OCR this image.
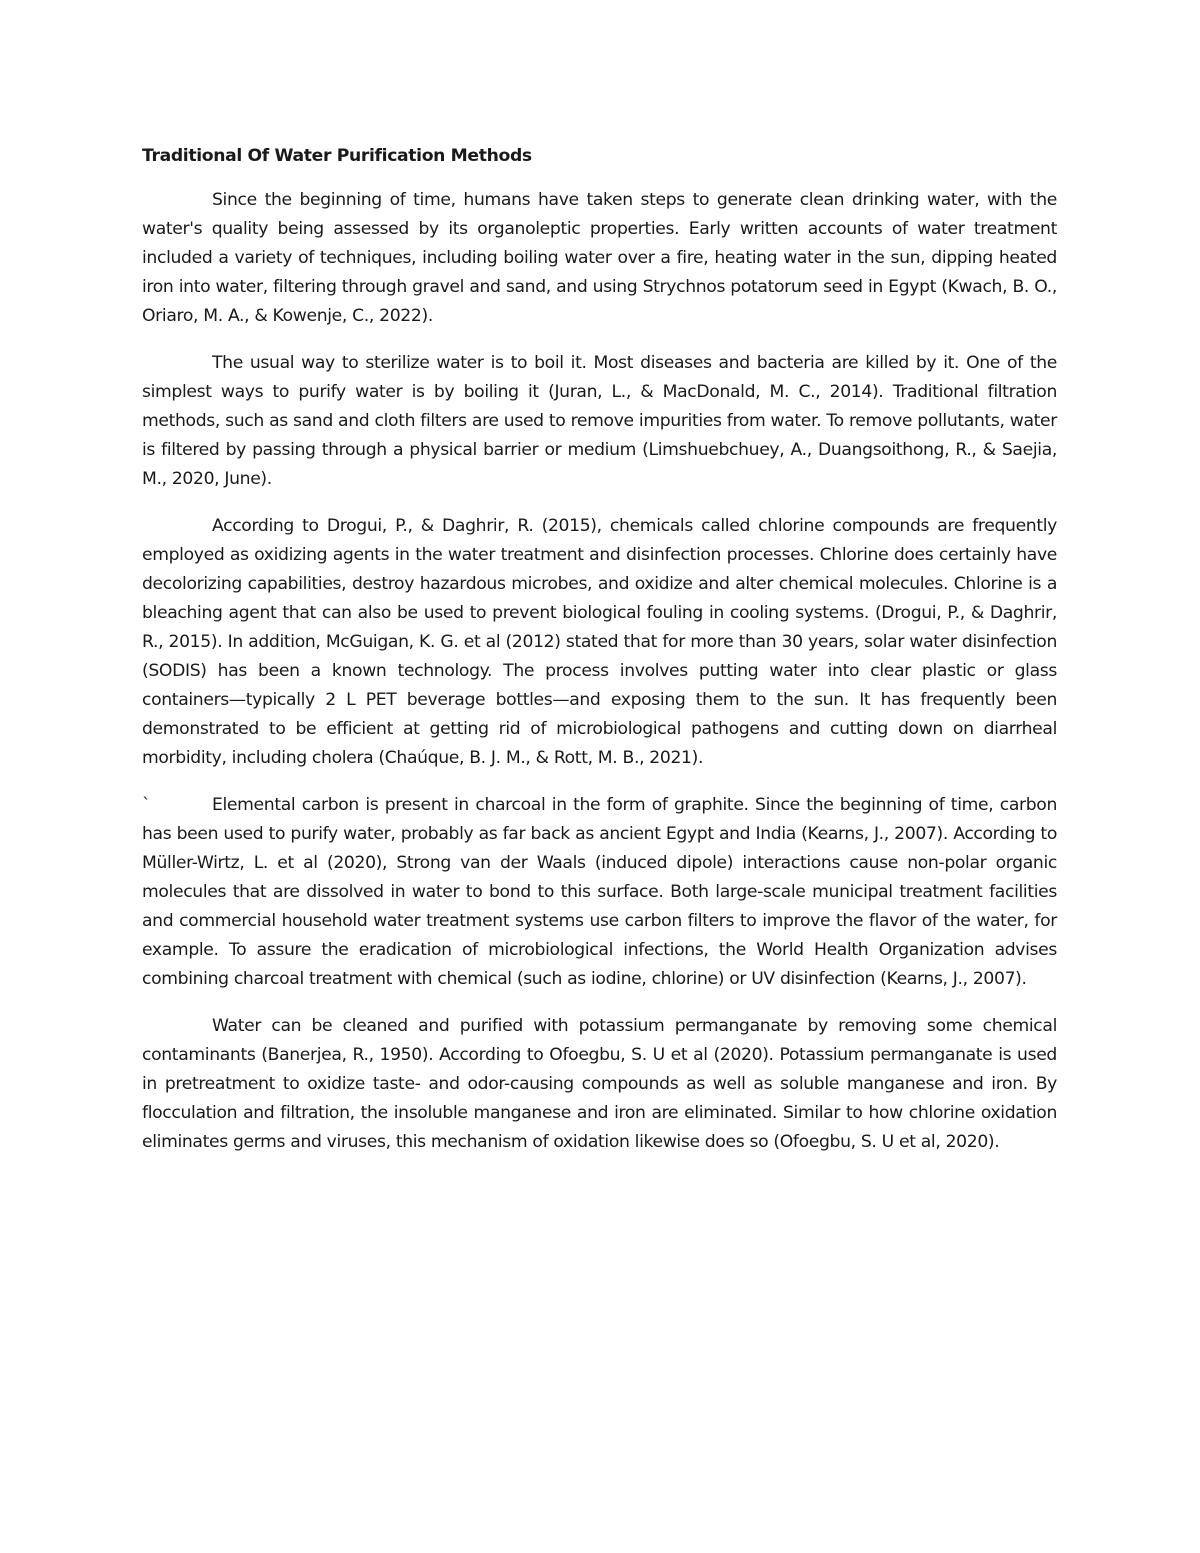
Traditional Of Water Purification Methods

Since the beginning of time, humans have taken steps to generate clean drinking water, with the water's quality being assessed by its organoleptic properties. Early written accounts of water treatment included a variety of techniques, including boiling water over a fire, heating water in the sun, dipping heated iron into water, filtering through gravel and sand, and using Strychnos potatorum seed in Egypt (Kwach, B. O., Oriaro, M. A., & Kowenje, C., 2022).

The usual way to sterilize water is to boil it. Most diseases and bacteria are killed by it. One of the simplest ways to purify water is by boiling it (Juran, L., & MacDonald, M. C., 2014). Traditional filtration methods, such as sand and cloth filters are used to remove impurities from water. To remove pollutants, water is filtered by passing through a physical barrier or medium (Limshuebchuey, A., Duangsoithong, R., & Saejia, M., 2020, June).

According to Drogui, P., & Daghrir, R. (2015), chemicals called chlorine compounds are frequently employed as oxidizing agents in the water treatment and disinfection processes. Chlorine does certainly have decolorizing capabilities, destroy hazardous microbes, and oxidize and alter chemical molecules. Chlorine is a bleaching agent that can also be used to prevent biological fouling in cooling systems. (Drogui, P., & Daghrir, R., 2015). In addition, McGuigan, K. G. et al (2012) stated that for more than 30 years, solar water disinfection (SODIS) has been a known technology. The process involves putting water into clear plastic or glass containers—typically 2 L PET beverage bottles—and exposing them to the sun. It has frequently been demonstrated to be efficient at getting rid of microbiological pathogens and cutting down on diarrheal morbidity, including cholera (Chaúque, B. J. M., & Rott, M. B., 2021).

`	Elemental carbon is present in charcoal in the form of graphite. Since the beginning of time, carbon has been used to purify water, probably as far back as ancient Egypt and India (Kearns, J., 2007). According to Müller-Wirtz, L. et al (2020), Strong van der Waals (induced dipole) interactions cause non-polar organic molecules that are dissolved in water to bond to this surface. Both large-scale municipal treatment facilities and commercial household water treatment systems use carbon filters to improve the flavor of the water, for example. To assure the eradication of microbiological infections, the World Health Organization advises combining charcoal treatment with chemical (such as iodine, chlorine) or UV disinfection (Kearns, J., 2007).

Water can be cleaned and purified with potassium permanganate by removing some chemical contaminants (Banerjea, R., 1950). According to Ofoegbu, S. U et al (2020). Potassium permanganate is used in pretreatment to oxidize taste- and odor-causing compounds as well as soluble manganese and iron. By flocculation and filtration, the insoluble manganese and iron are eliminated. Similar to how chlorine oxidation eliminates germs and viruses, this mechanism of oxidation likewise does so (Ofoegbu, S. U et al, 2020).
